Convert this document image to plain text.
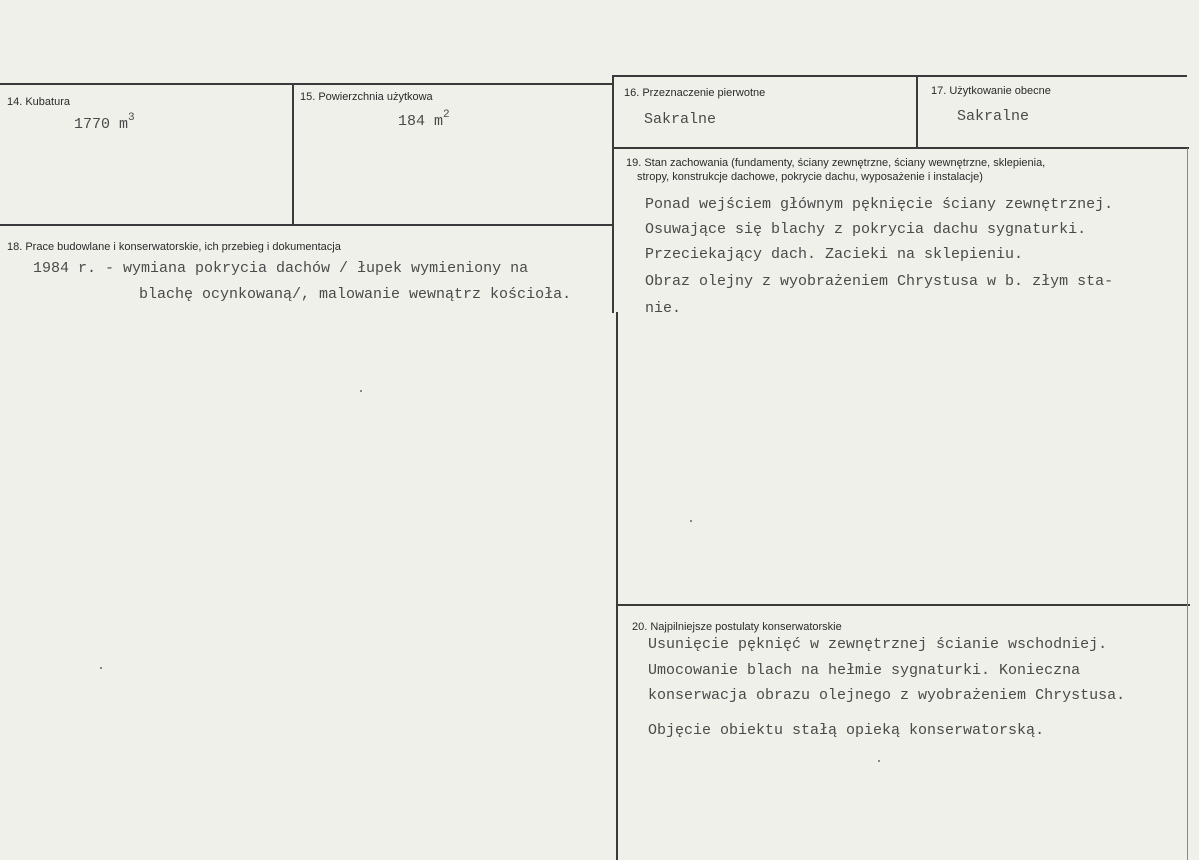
14. Kubatura
1770 $m^3$
15. Powierzchnia użytkowa
184 $m^2$
16. Przeznaczenie pierwotne
Sakralne
17. Użytkowanie obecne
Sakralne
19. Stan zachowania (fundamenty, ściany zewnętrzne, ściany wewnętrzne, sklepienia,
stropy, konstrukcje dachowe, pokrycie dachu, wyposażenie i instalacje)
Ponad wejściem głównym pęknięcie ściany zewnętrznej.
Osuwające się blachy z pokrycia dachu sygnaturki.
Przeciekający dach. Zacieki na sklepieniu.
Obraz olejny z wyobrażeniem Chrystusa w b. złym sta-
nie.
18. Prace budowlane i konserwatorskie, ich przebieg i dokumentacja
1984 r. - wymiana pokrycia dachów / łupek wymieniony na
blachę ocynkowaną/, malowanie wewnątrz kościoła.
20. Najpilniejsze postulaty konserwatorskie
Usunięcie pęknięć w zewnętrznej ścianie wschodniej.
Umocowanie blach na hełmie sygnaturki. Konieczna
konserwacja obrazu olejnego z wyobrażeniem Chrystusa.
Objęcie obiektu stałą opieką konserwatorską.
